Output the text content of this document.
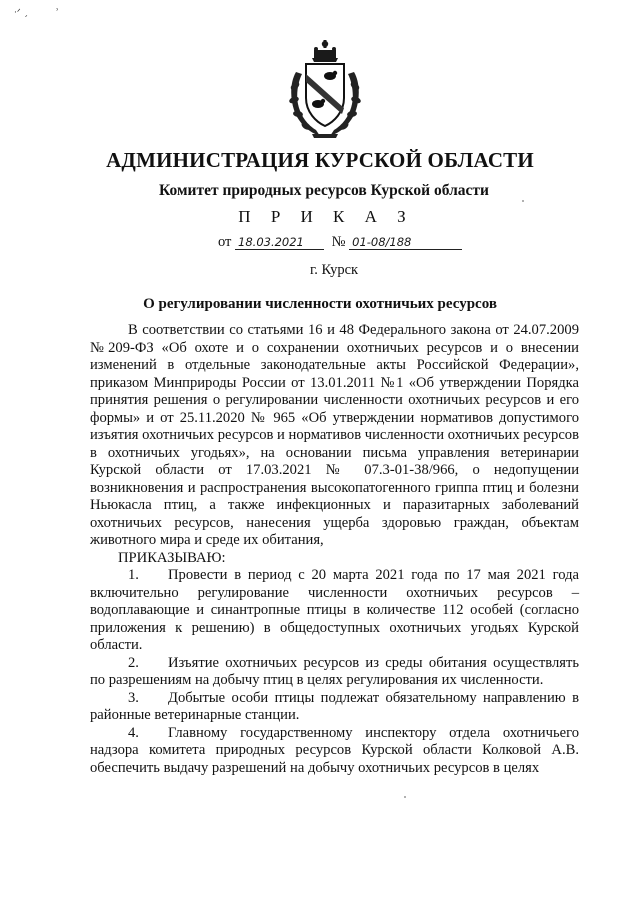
·ᐟ ˏ	˒
АДМИНИСТРАЦИЯ КУРСКОЙ ОБЛАСТИ
Комитет природных ресурсов Курской области
П Р И К А З
от 18.03.2021 № 01-08/188
г. Курск
О регулировании численности охотничьих ресурсов

В соответствии со статьями 16 и 48 Федерального закона от 24.07.2009 №209-ФЗ «Об охоте и о сохранении охотничьих ресурсов и о внесении изменений в отдельные законодательные акты Российской Федерации», приказом Минприроды России от 13.01.2011 №1 «Об утверждении Порядка принятия решения о регулировании численности охотничьих ресурсов и его формы» и от 25.11.2020 № 965 «Об утверждении нормативов допустимого изъятия охотничьих ресурсов и нормативов численности охотничьих ресурсов в охотничьих угодьях», на основании письма управления ветеринарии Курской области от 17.03.2021 № 07.3-01-38/966, о недопущении возникновения и распространения высокопатогенного гриппа птиц и болезни Ньюкасла птиц, а также инфекционных и паразитарных заболеваний охотничьих ресурсов, нанесения ущерба здоровью граждан, объектам животного мира и среде их обитания,

ПРИКАЗЫВАЮ:

1. Провести в период с 20 марта 2021 года по 17 мая 2021 года включительно регулирование численности охотничьих ресурсов – водоплавающие и синантропные птицы в количестве 112 особей (согласно приложения к решению) в общедоступных охотничьих угодьях Курской области.

2. Изъятие охотничьих ресурсов из среды обитания осуществлять по разрешениям на добычу птиц в целях регулирования их численности.

3. Добытые особи птицы подлежат обязательному направлению в районные ветеринарные станции.

4. Главному государственному инспектору отдела охотничьего надзора комитета природных ресурсов Курской области Колковой А.В. обеспечить выдачу разрешений на добычу охотничьих ресурсов в целях
